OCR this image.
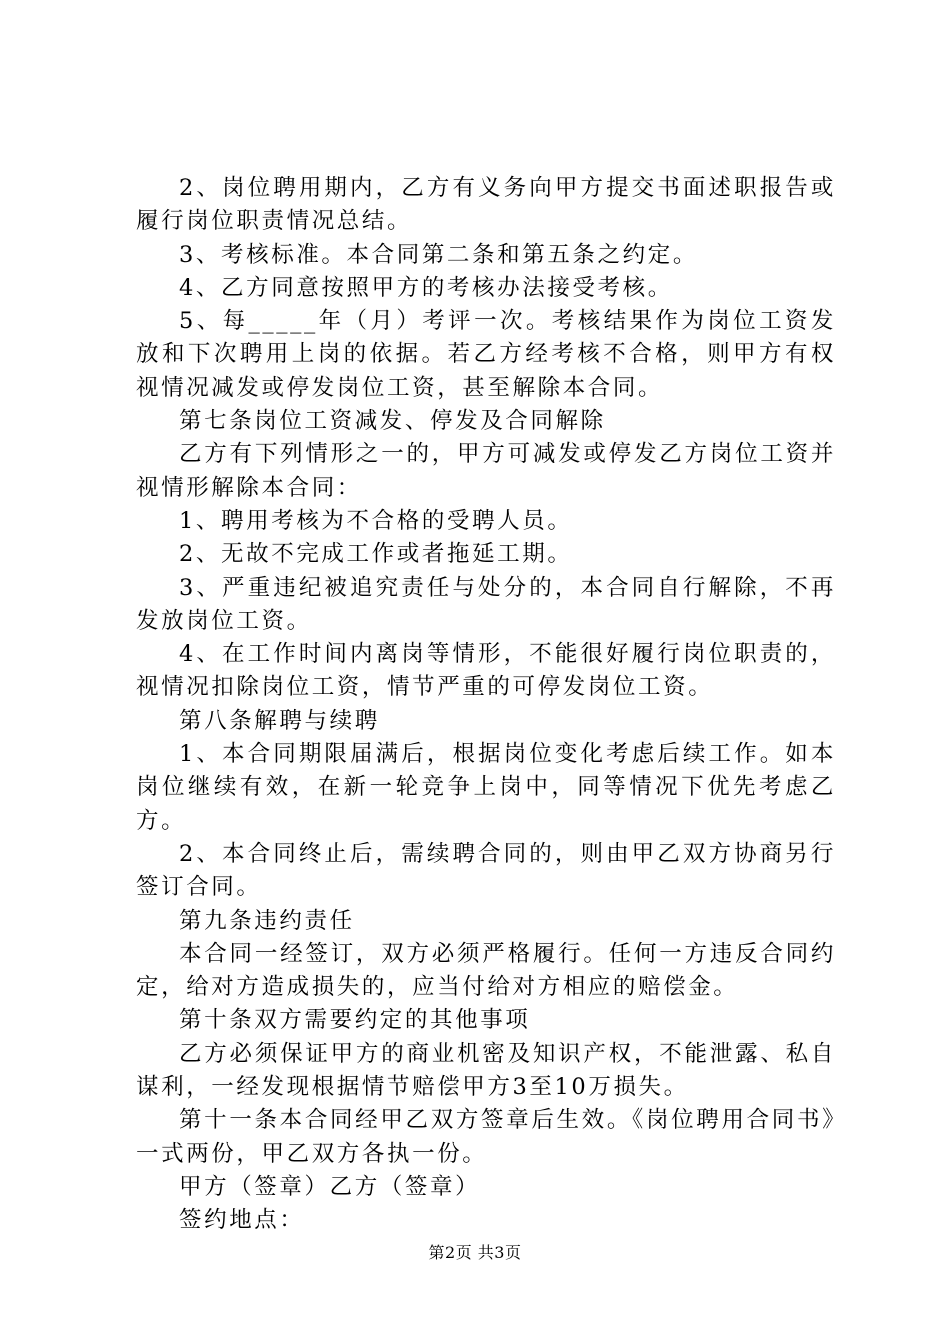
2、岗位聘用期内，乙方有义务向甲方提交书面述职报告或履行岗位职责情况总结。

3、考核标准。本合同第二条和第五条之约定。

4、乙方同意按照甲方的考核办法接受考核。

5、每_____年（月）考评一次。考核结果作为岗位工资发放和下次聘用上岗的依据。若乙方经考核不合格，则甲方有权视情况减发或停发岗位工资，甚至解除本合同。

第七条岗位工资减发、停发及合同解除

乙方有下列情形之一的，甲方可减发或停发乙方岗位工资并视情形解除本合同：

1、聘用考核为不合格的受聘人员。

2、无故不完成工作或者拖延工期。

3、严重违纪被追究责任与处分的，本合同自行解除，不再发放岗位工资。

4、在工作时间内离岗等情形，不能很好履行岗位职责的，视情况扣除岗位工资，情节严重的可停发岗位工资。

第八条解聘与续聘

1、本合同期限届满后，根据岗位变化考虑后续工作。如本岗位继续有效，在新一轮竞争上岗中，同等情况下优先考虑乙方。

2、本合同终止后，需续聘合同的，则由甲乙双方协商另行签订合同。

第九条违约责任

本合同一经签订，双方必须严格履行。任何一方违反合同约定，给对方造成损失的，应当付给对方相应的赔偿金。

第十条双方需要约定的其他事项

乙方必须保证甲方的商业机密及知识产权，不能泄露、私自谋利，一经发现根据情节赔偿甲方3至10万损失。

第十一条本合同经甲乙双方签章后生效。《岗位聘用合同书》一式两份，甲乙双方各执一份。

甲方（签章）乙方（签章）

签约地点：

第2页 共3页
